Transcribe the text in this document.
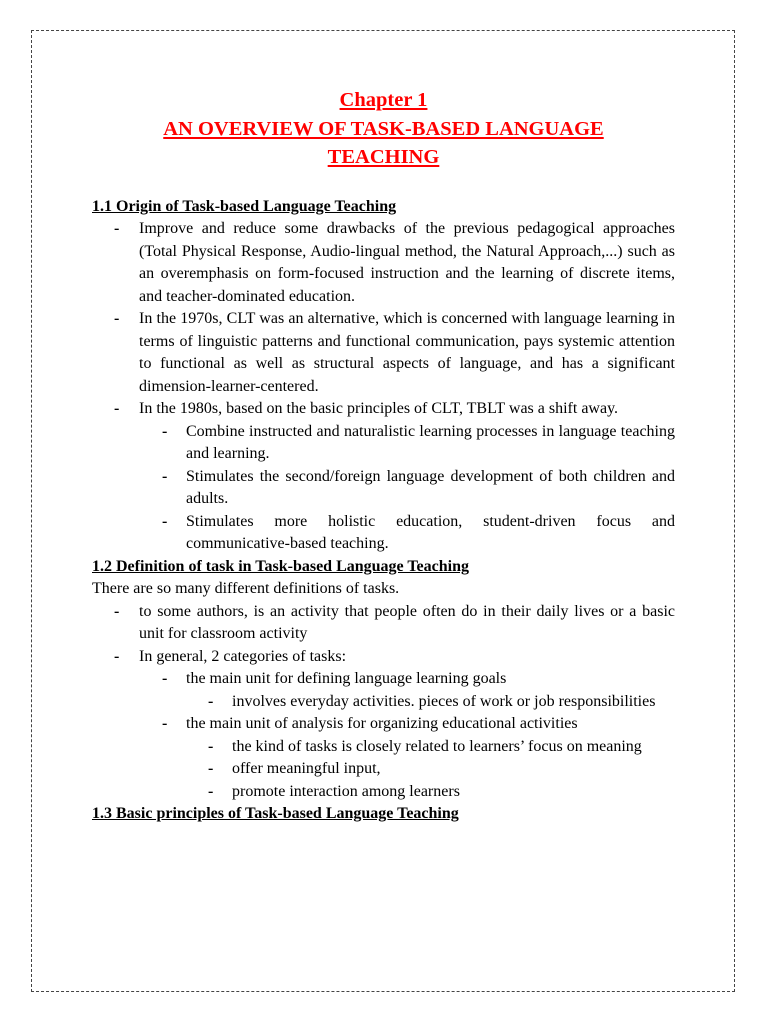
Chapter 1
AN OVERVIEW OF TASK-BASED LANGUAGE
TEACHING

1.1 Origin of Task-based Language Teaching

- Improve and reduce some drawbacks of the previous pedagogical approaches (Total Physical Response, Audio-lingual method, the Natural Approach,...) such as an overemphasis on form-focused instruction and the learning of discrete items, and teacher-dominated education.
- In the 1970s, CLT was an alternative, which is concerned with language learning in terms of linguistic patterns and functional communication, pays systemic attention to functional as well as structural aspects of language, and has a significant dimension-learner-centered.
- In the 1980s, based on the basic principles of CLT, TBLT was a shift away.
- Combine instructed and naturalistic learning processes in language teaching and learning.
- Stimulates the second/foreign language development of both children and adults.
- Stimulates more holistic education, student-driven focus and communicative-based teaching.

1.2 Definition of task in Task-based Language Teaching

There are so many different definitions of tasks.

- to some authors, is an activity that people often do in their daily lives or a basic unit for classroom activity
- In general, 2 categories of tasks:
- the main unit for defining language learning goals
- involves everyday activities. pieces of work or job responsibilities
- the main unit of analysis for organizing educational activities
- the kind of tasks is closely related to learners’ focus on meaning
- offer meaningful input,
- promote interaction among learners

1.3 Basic principles of Task-based Language Teaching
